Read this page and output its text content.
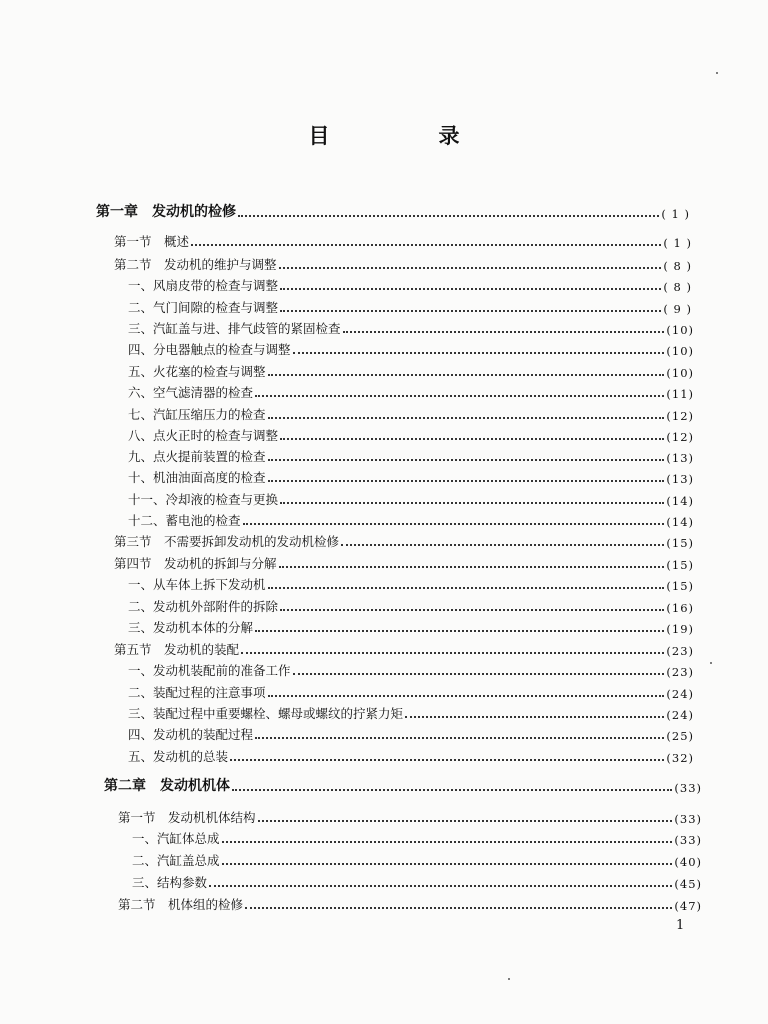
目　录
第一章　发动机的检修	( 1 )
第一节　概述	( 1 )
第二节　发动机的维护与调整	( 8 )
一、风扇皮带的检查与调整	( 8 )
二、气门间隙的检查与调整	( 9 )
三、汽缸盖与进、排气歧管的紧固检查	(10)
四、分电器触点的检查与调整	(10)
五、火花塞的检查与调整	(10)
六、空气滤清器的检查	(11)
七、汽缸压缩压力的检查	(12)
八、点火正时的检查与调整	(12)
九、点火提前装置的检查	(13)
十、机油油面高度的检查	(13)
十一、冷却液的检查与更换	(14)
十二、蓄电池的检查	(14)
第三节　不需要拆卸发动机的发动机检修	(15)
第四节　发动机的拆卸与分解	(15)
一、从车体上拆下发动机	(15)
二、发动机外部附件的拆除	(16)
三、发动机本体的分解	(19)
第五节　发动机的装配	(23)
一、发动机装配前的准备工作	(23)
二、装配过程的注意事项	(24)
三、装配过程中重要螺栓、螺母或螺纹的拧紧力矩	(24)
四、发动机的装配过程	(25)
五、发动机的总装	(32)
第二章　发动机机体	(33)
第一节　发动机机体结构	(33)
一、汽缸体总成	(33)
二、汽缸盖总成	(40)
三、结构参数	(45)
第二节　机体组的检修	(47)
1
